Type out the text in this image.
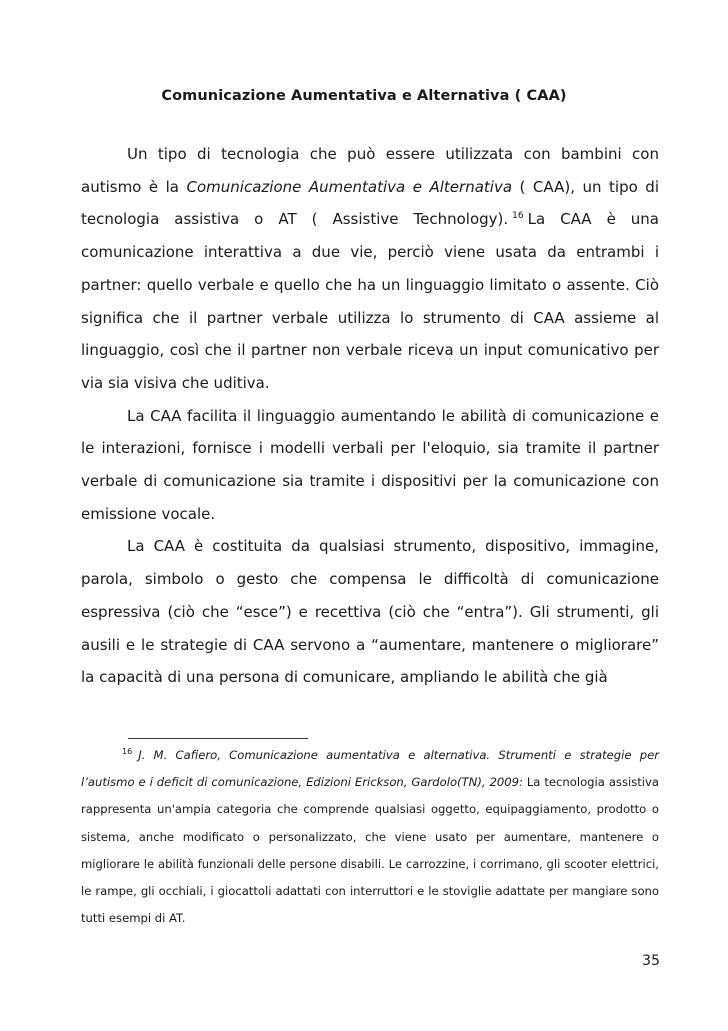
Comunicazione Aumentativa e Alternativa ( CAA)

Un tipo di tecnologia che può essere utilizzata con bambini con autismo è la Comunicazione Aumentativa e Alternativa ( CAA), un tipo di tecnologia assistiva o AT ( Assistive Technology). $^{16}$ La CAA è una comunicazione interattiva a due vie, perciò viene usata da entrambi i partner: quello verbale e quello che ha un linguaggio limitato o assente. Ciò significa che il partner verbale utilizza lo strumento di CAA assieme al linguaggio, così che il partner non verbale riceva un input comunicativo per via sia visiva che uditiva.

La CAA facilita il linguaggio aumentando le abilità di comunicazione e le interazioni, fornisce i modelli verbali per l'eloquio, sia tramite il partner verbale di comunicazione sia tramite i dispositivi per la comunicazione con emissione vocale.

La CAA è costituita da qualsiasi strumento, dispositivo, immagine, parola, simbolo o gesto che compensa le difficoltà di comunicazione espressiva (ciò che “esce”) e recettiva (ciò che “entra”). Gli strumenti, gli ausili e le strategie di CAA servono a “aumentare, mantenere o migliorare” la capacità di una persona di comunicare, ampliando le abilità che già

$^{16}$ J. M. Cafiero, Comunicazione aumentativa e alternativa. Strumenti e strategie per l’autismo e i deficit di comunicazione, Edizioni Erickson, Gardolo(TN), 2009: La tecnologia assistiva rappresenta un'ampia categoria che comprende qualsiasi oggetto, equipaggiamento, prodotto o sistema, anche modificato o personalizzato, che viene usato per aumentare, mantenere o migliorare le abilità funzionali delle persone disabili. Le carrozzine, i corrimano, gli scooter elettrici, le rampe, gli occhiali, i giocattoli adattati con interruttori e le stoviglie adattate per mangiare sono tutti esempi di AT.

35
